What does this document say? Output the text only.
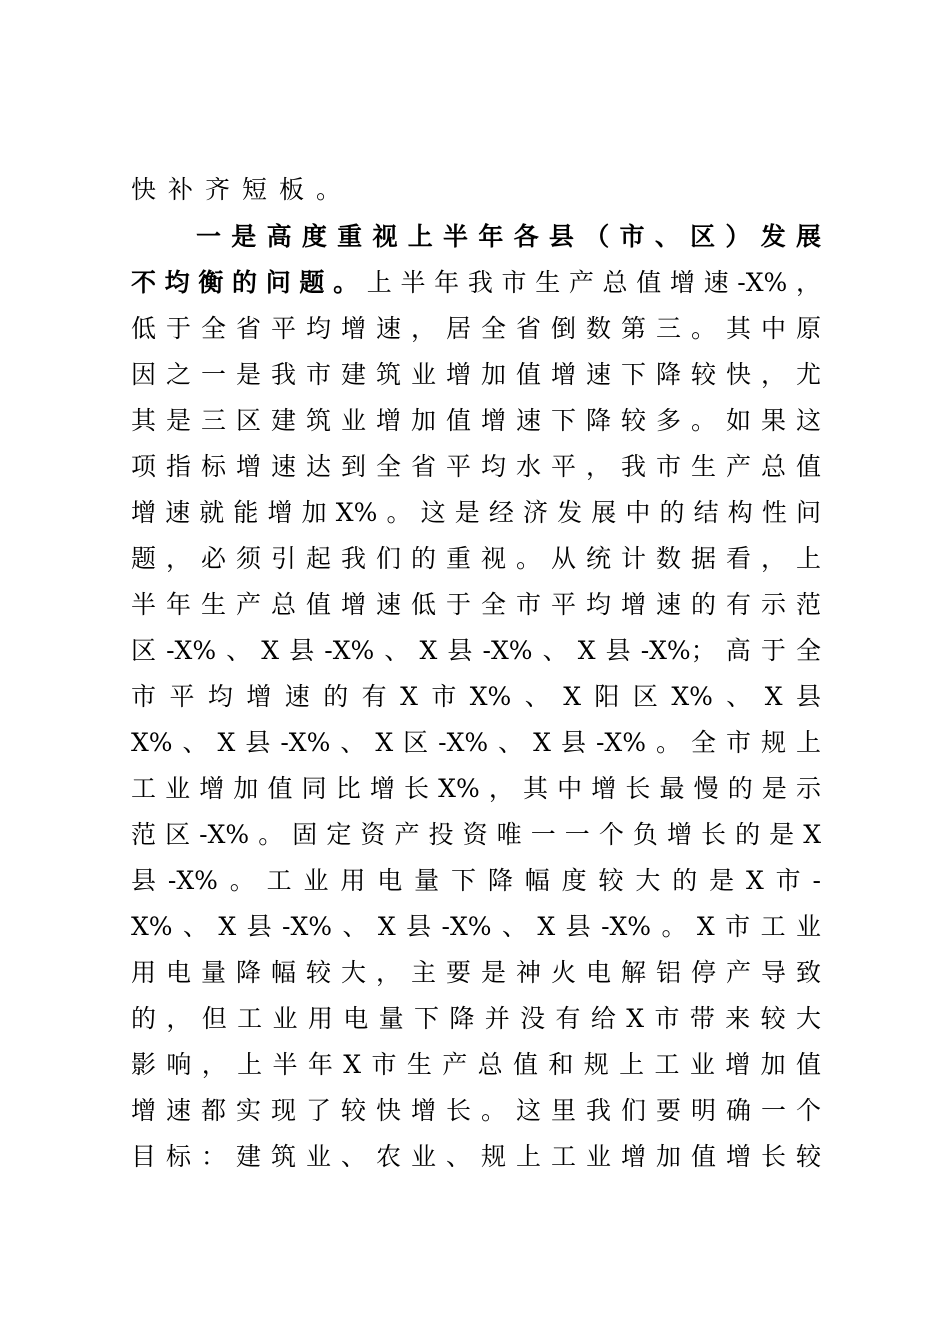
快补齐短板。
一是高度重视上半年各县（市、区）发展
不均衡的问题。上半年我市生产总值增速-X%，
低于全省平均增速，居全省倒数第三。其中原
因之一是我市建筑业增加值增速下降较快，尤
其是三区建筑业增加值增速下降较多。如果这
项指标增速达到全省平均水平，我市生产总值
增速就能增加X%。这是经济发展中的结构性问
题，必须引起我们的重视。从统计数据看，上
半年生产总值增速低于全市平均增速的有示范
区-X%、X县-X%、X县-X%、X县-X%；高于全
市平均增速的有X市X%、X阳区X%、X县
X%、X县-X%、X区-X%、X县-X%。全市规上
工业增加值同比增长X%，其中增长最慢的是示
范区-X%。固定资产投资唯一一个负增长的是X
县-X%。工业用电量下降幅度较大的是X市-
X%、X县-X%、X县-X%、X县-X%。X市工业
用电量降幅较大，主要是神火电解铝停产导致
的，但工业用电量下降并没有给X市带来较大
影响，上半年X市生产总值和规上工业增加值
增速都实现了较快增长。这里我们要明确一个
目标：建筑业、农业、规上工业增加值增长较
